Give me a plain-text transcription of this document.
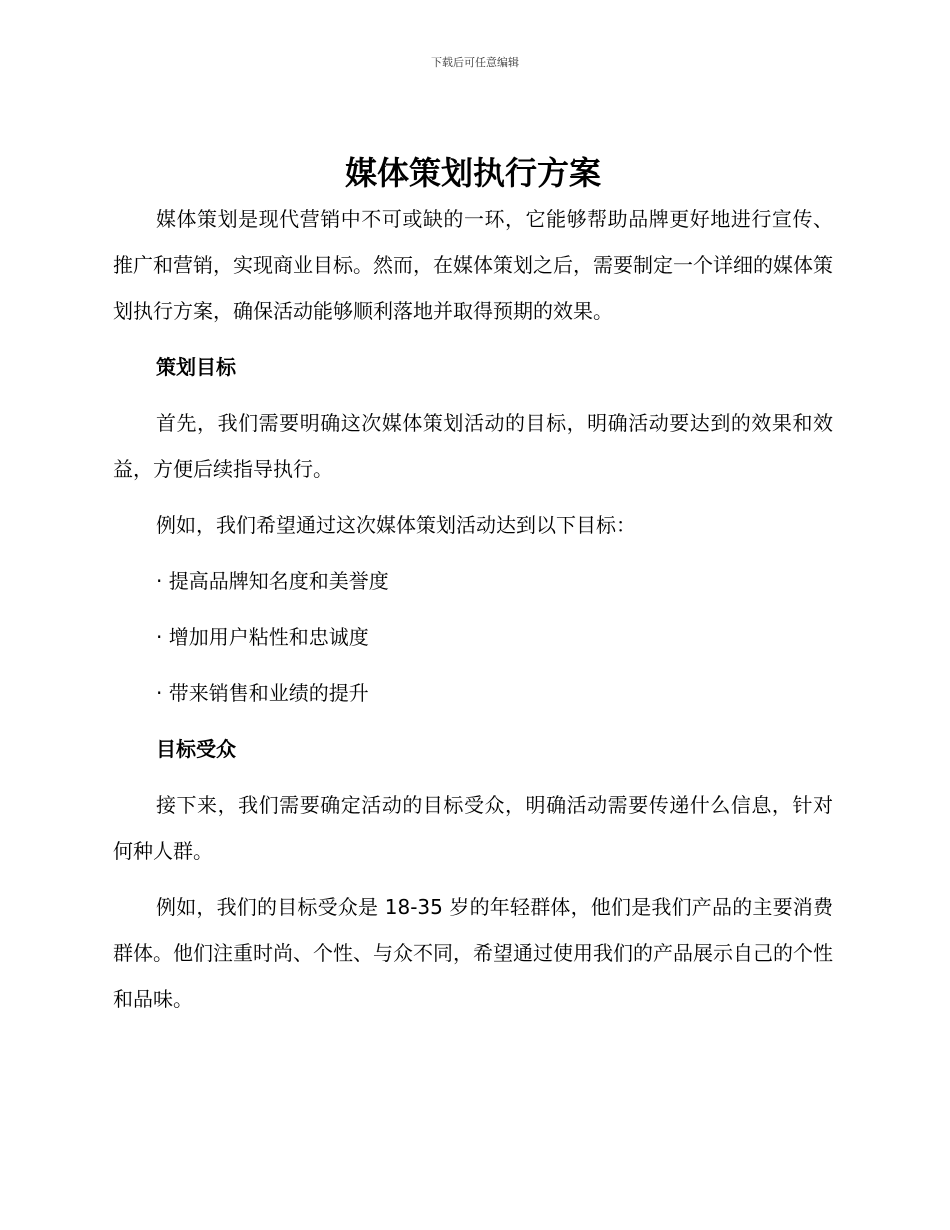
下载后可任意编辑
媒体策划执行方案

媒体策划是现代营销中不可或缺的一环，它能够帮助品牌更好地进行宣传、推广和营销，实现商业目标。然而，在媒体策划之后，需要制定一个详细的媒体策划执行方案，确保活动能够顺利落地并取得预期的效果。

策划目标

首先，我们需要明确这次媒体策划活动的目标，明确活动要达到的效果和效益，方便后续指导执行。

例如，我们希望通过这次媒体策划活动达到以下目标：

· 提高品牌知名度和美誉度
· 增加用户粘性和忠诚度
· 带来销售和业绩的提升
目标受众

接下来，我们需要确定活动的目标受众，明确活动需要传递什么信息，针对何种人群。

例如，我们的目标受众是 18-35 岁的年轻群体，他们是我们产品的主要消费群体。他们注重时尚、个性、与众不同，希望通过使用我们的产品展示自己的个性和品味。
